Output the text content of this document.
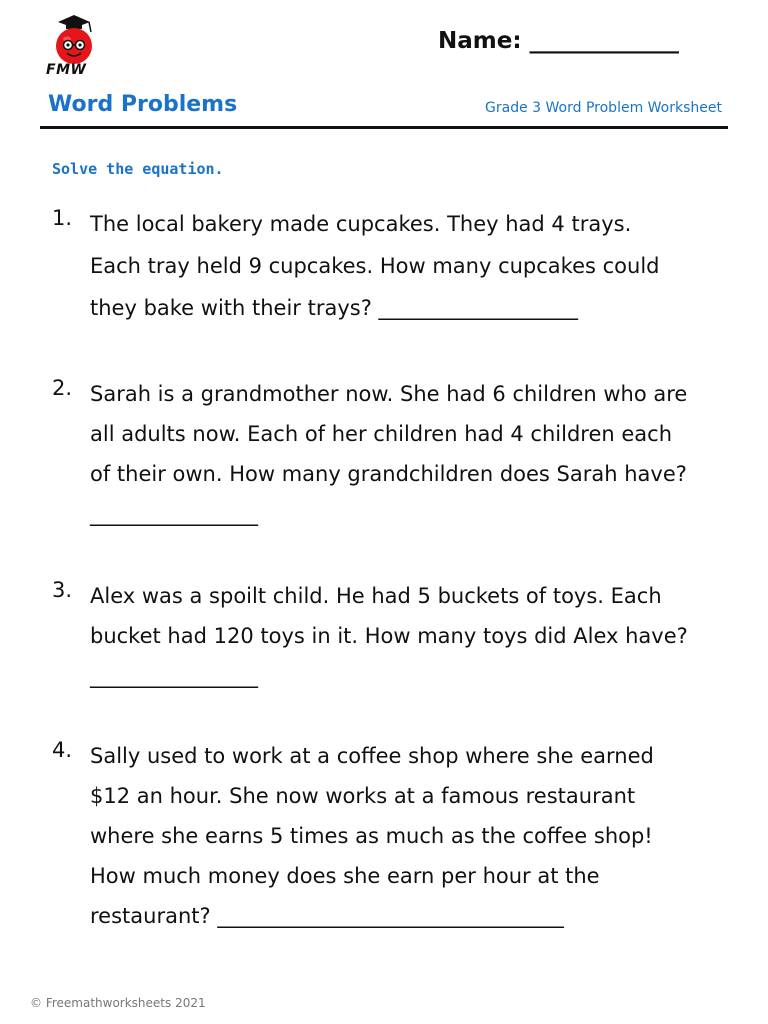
FMW
Name: _____________
Word Problems	Grade 3 Word Problem Worksheet
Solve the equation.
1. The local bakery made cupcakes. They had 4 trays.
Each tray held 9 cupcakes. How many cupcakes could
they bake with their trays? ___________________
2. Sarah is a grandmother now. She had 6 children who are
all adults now. Each of her children had 4 children each
of their own. How many grandchildren does Sarah have?
________________
3. Alex was a spoilt child. He had 5 buckets of toys. Each
bucket had 120 toys in it. How many toys did Alex have?
________________
4. Sally used to work at a coffee shop where she earned
$12 an hour. She now works at a famous restaurant
where she earns 5 times as much as the coffee shop!
How much money does she earn per hour at the
restaurant? _________________________________
© Freemathworksheets 2021
